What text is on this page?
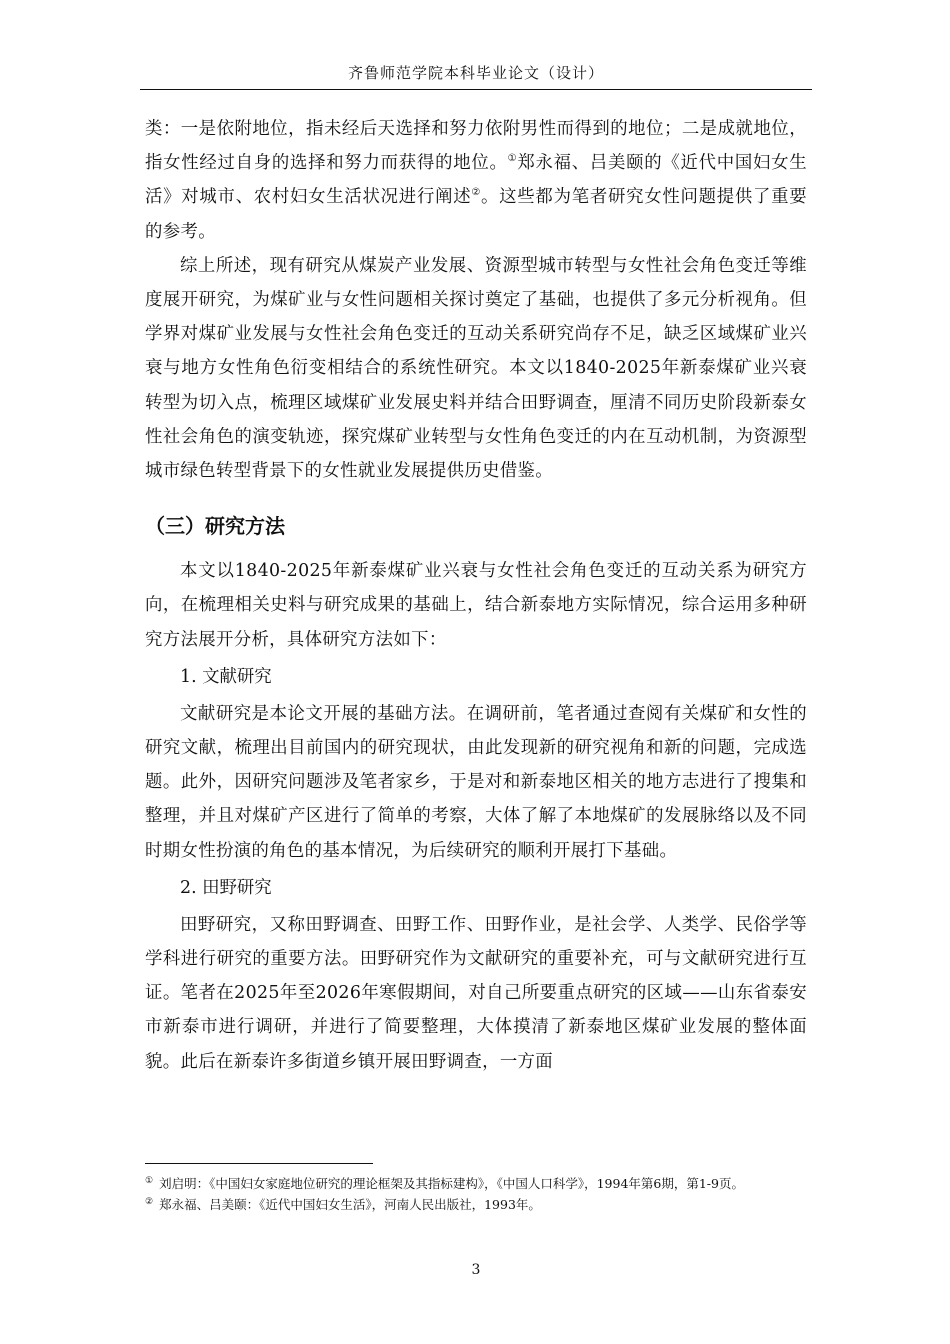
齐鲁师范学院本科毕业论文（设计）

类：一是依附地位，指未经后天选择和努力依附男性而得到的地位；二是成就地位，指女性经过自身的选择和努力而获得的地位。①郑永福、吕美颐的《近代中国妇女生活》对城市、农村妇女生活状况进行阐述②。这些都为笔者研究女性问题提供了重要的参考。

综上所述，现有研究从煤炭产业发展、资源型城市转型与女性社会角色变迁等维度展开研究，为煤矿业与女性问题相关探讨奠定了基础，也提供了多元分析视角。但学界对煤矿业发展与女性社会角色变迁的互动关系研究尚存不足，缺乏区域煤矿业兴衰与地方女性角色衍变相结合的系统性研究。本文以1840-2025年新泰煤矿业兴衰转型为切入点，梳理区域煤矿业发展史料并结合田野调查，厘清不同历史阶段新泰女性社会角色的演变轨迹，探究煤矿业转型与女性角色变迁的内在互动机制，为资源型城市绿色转型背景下的女性就业发展提供历史借鉴。

（三）研究方法

本文以1840-2025年新泰煤矿业兴衰与女性社会角色变迁的互动关系为研究方向，在梳理相关史料与研究成果的基础上，结合新泰地方实际情况，综合运用多种研究方法展开分析，具体研究方法如下：

1. 文献研究

文献研究是本论文开展的基础方法。在调研前，笔者通过查阅有关煤矿和女性的研究文献，梳理出目前国内的研究现状，由此发现新的研究视角和新的问题，完成选题。此外，因研究问题涉及笔者家乡，于是对和新泰地区相关的地方志进行了搜集和整理，并且对煤矿产区进行了简单的考察，大体了解了本地煤矿的发展脉络以及不同时期女性扮演的角色的基本情况，为后续研究的顺利开展打下基础。

2. 田野研究

田野研究，又称田野调查、田野工作、田野作业，是社会学、人类学、民俗学等学科进行研究的重要方法。田野研究作为文献研究的重要补充，可与文献研究进行互证。笔者在2025年至2026年寒假期间，对自己所要重点研究的区域——山东省泰安市新泰市进行调研，并进行了简要整理，大体摸清了新泰地区煤矿业发展的整体面貌。此后在新泰许多街道乡镇开展田野调查，一方面

① 刘启明：《中国妇女家庭地位研究的理论框架及其指标建构》，《中国人口科学》，1994年第6期，第1-9页。

② 郑永福、吕美颐：《近代中国妇女生活》，河南人民出版社，1993年。

3
